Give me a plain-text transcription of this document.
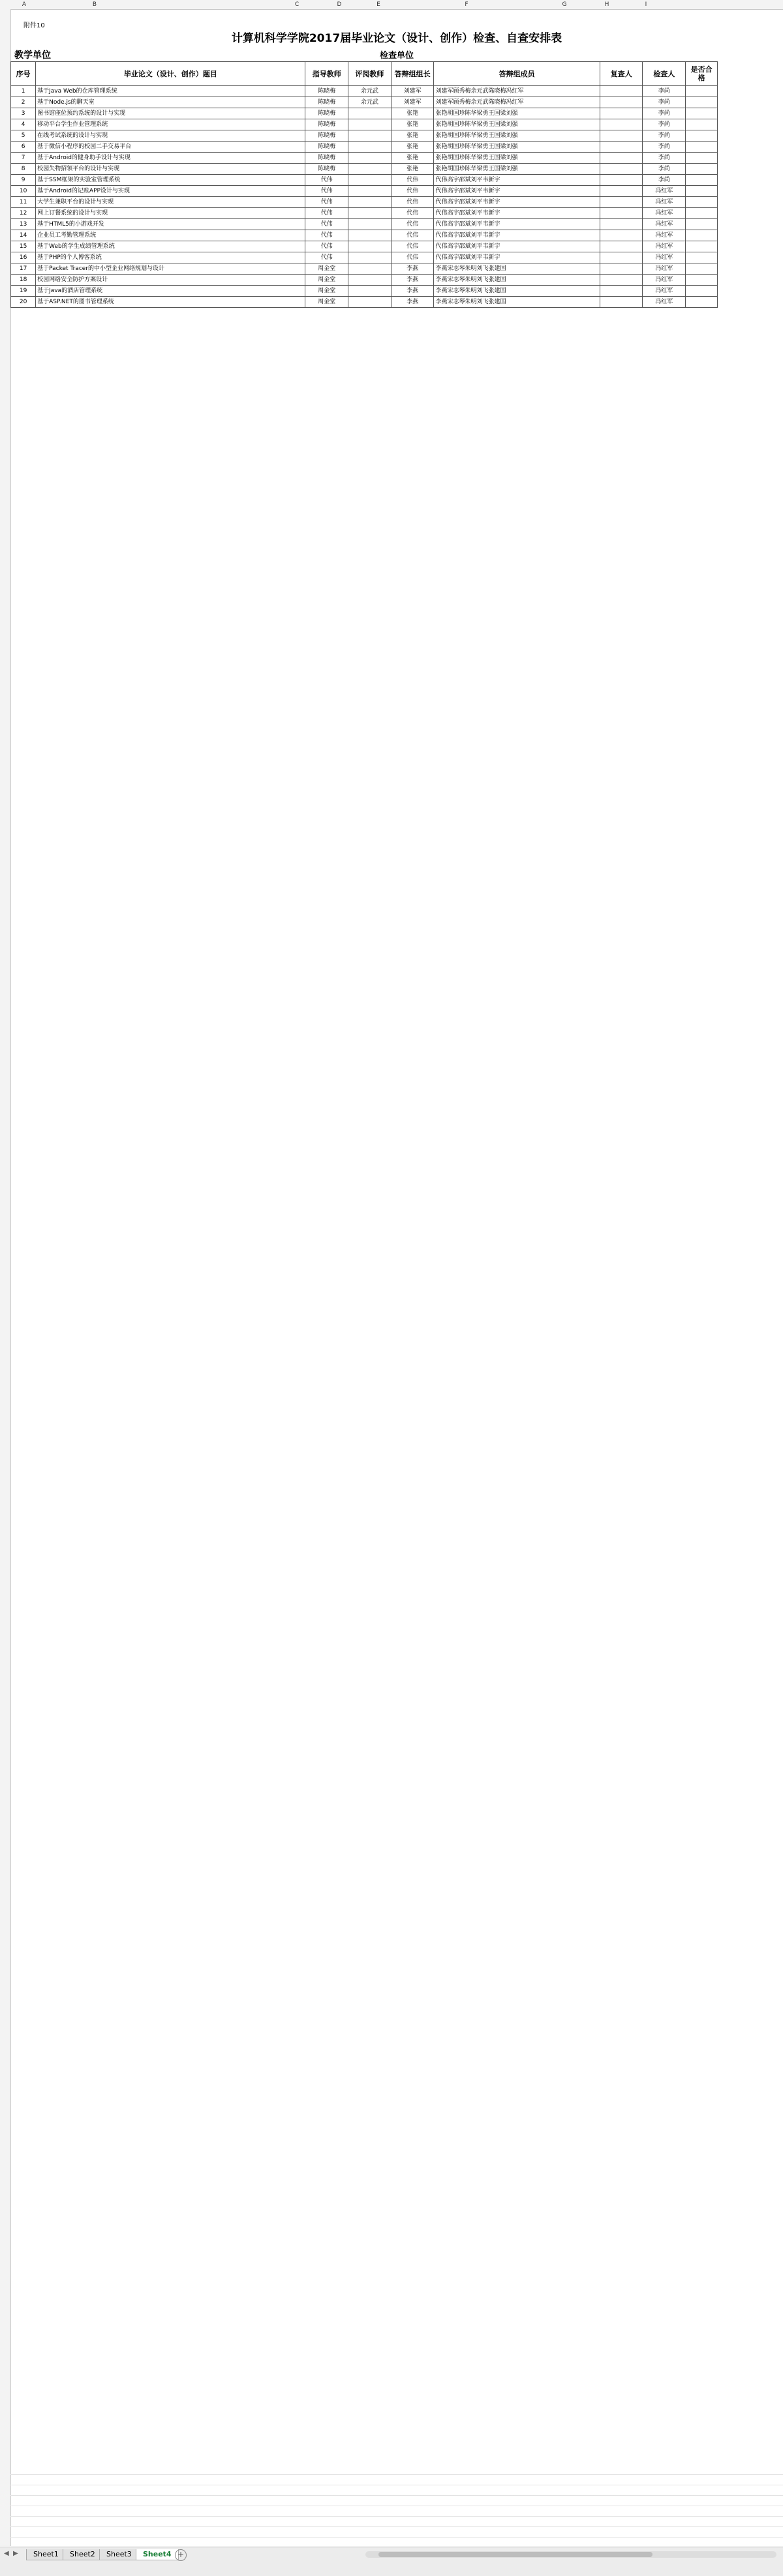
A	B	C	D	E	F	G	H	I
附件10
计算机科学学院2017届毕业论文（设计、创作）检查、自查安排表
教学单位	检查单位
序号	毕业论文（设计、创作）题目	指导教师	评阅教师	答辩组组长	答辩组成员	复查人	检查人	是否合格
1	基于Java Web的仓库管理系统	陈晓梅	余元武	刘建军	刘建军顾秀梅余元武陈晓梅冯红军		李尚	
2	基于Node.js的聊天室	陈晓梅	余元武	刘建军	刘建军顾秀梅余元武陈晓梅冯红军		李尚	
3	图书馆座位预约系统的设计与实现	陈晓梅		张艳	张艳胡国珍陈华梁勇王国梁刘强		李尚	
4	移动平台学生作业管理系统	陈晓梅		张艳	张艳胡国珍陈华梁勇王国梁刘强		李尚	
5	在线考试系统的设计与实现	陈晓梅		张艳	张艳胡国珍陈华梁勇王国梁刘强		李尚	
6	基于微信小程序的校园二手交易平台	陈晓梅		张艳	张艳胡国珍陈华梁勇王国梁刘强		李尚	
7	基于Android的健身助手设计与实现	陈晓梅		张艳	张艳胡国珍陈华梁勇王国梁刘强		李尚	
8	校园失物招领平台的设计与实现	陈晓梅		张艳	张艳胡国珍陈华梁勇王国梁刘强		李尚	
9	基于SSM框架的实验室管理系统	代伟		代伟	代伟高宇邵斌刘平韦新宇		李尚	
10	基于Android的记账APP设计与实现	代伟		代伟	代伟高宇邵斌刘平韦新宇		冯红军	
11	大学生兼职平台的设计与实现	代伟		代伟	代伟高宇邵斌刘平韦新宇		冯红军	
12	网上订餐系统的设计与实现	代伟		代伟	代伟高宇邵斌刘平韦新宇		冯红军	
13	基于HTML5的小游戏开发	代伟		代伟	代伟高宇邵斌刘平韦新宇		冯红军	
14	企业员工考勤管理系统	代伟		代伟	代伟高宇邵斌刘平韦新宇		冯红军	
15	基于Web的学生成绩管理系统	代伟		代伟	代伟高宇邵斌刘平韦新宇		冯红军	
16	基于PHP的个人博客系统	代伟		代伟	代伟高宇邵斌刘平韦新宇		冯红军	
17	基于Packet Tracer的中小型企业网络规划与设计	周金堂		李燕	李燕宋志琴朱明刘飞张建国		冯红军	
18	校园网络安全防护方案设计	周金堂		李燕	李燕宋志琴朱明刘飞张建国		冯红军	
19	基于Java的酒店管理系统	周金堂		李燕	李燕宋志琴朱明刘飞张建国		冯红军	
20	基于ASP.NET的图书管理系统	周金堂		李燕	李燕宋志琴朱明刘飞张建国		冯红军	
◀ ▶	Sheet1	Sheet2	Sheet3	Sheet4 +
